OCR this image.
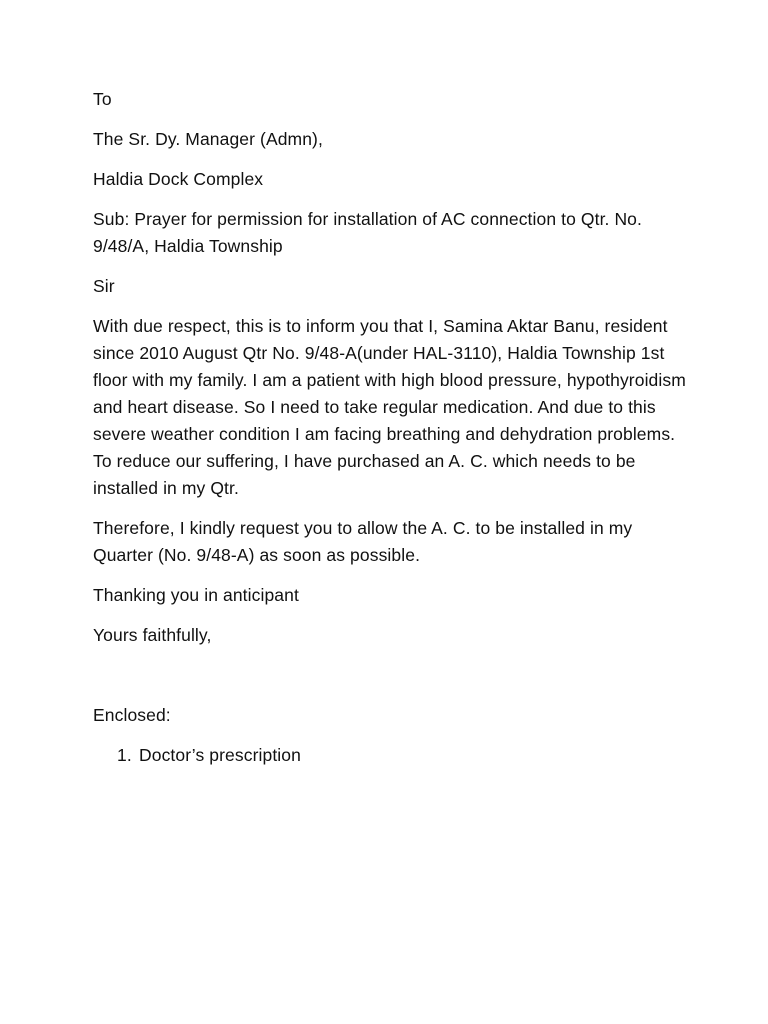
To

The Sr. Dy. Manager (Admn),

Haldia Dock Complex

Sub: Prayer for permission for installation of AC connection to Qtr. No. 9/48/A, Haldia Township

Sir

With due respect, this is to inform you that I, Samina Aktar Banu, resident since 2010 August Qtr No. 9/48-A(under HAL-3110), Haldia Township 1st floor with my family. I am a patient with high blood pressure, hypothyroidism and heart disease. So I need to take regular medication. And due to this severe weather condition I am facing breathing and dehydration problems. To reduce our suffering, I have purchased an A. C. which needs to be installed in my Qtr.

Therefore, I kindly request you to allow the A. C. to be installed in my Quarter (No. 9/48-A) as soon as possible.

Thanking you in anticipant

Yours faithfully,

Enclosed:

1. Doctor’s prescription
